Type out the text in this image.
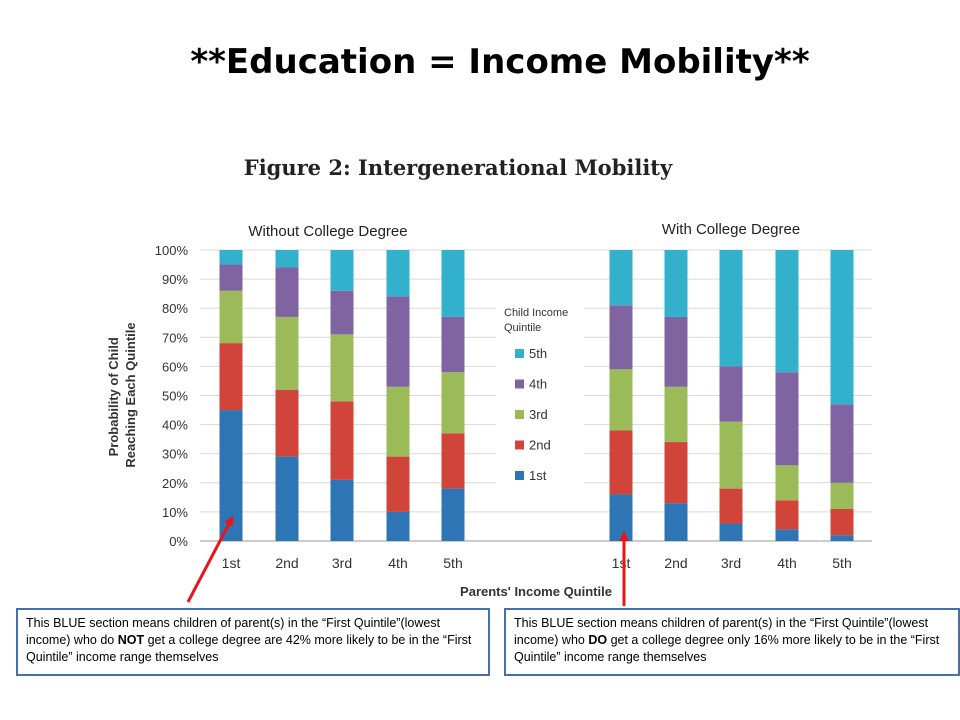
**Education = Income Mobility**
0%
10%
20%
30%
40%
50%
60%
70%
80%
90%
100%
1st 2nd 3rd	4th	5th	1st 2nd 3rd	4th	5th
Child Income
Quintile
5th
4th
3rd
2nd
1st
Figure 2: Intergenerational Mobility
Without College Degree	With College Degree
Parents' Income Quintile
Probability of Child Reaching Each Quintile
This BLUE section means children of parent(s) in the “First Quintile”(lowest income) who do NOT get a college degree are 42% more likely to be in the “First Quintile” income range themselves
This BLUE section means children of parent(s) in the “First Quintile”(lowest income) who DO get a college degree only 16% more likely to be in the “First Quintile” income range themselves
